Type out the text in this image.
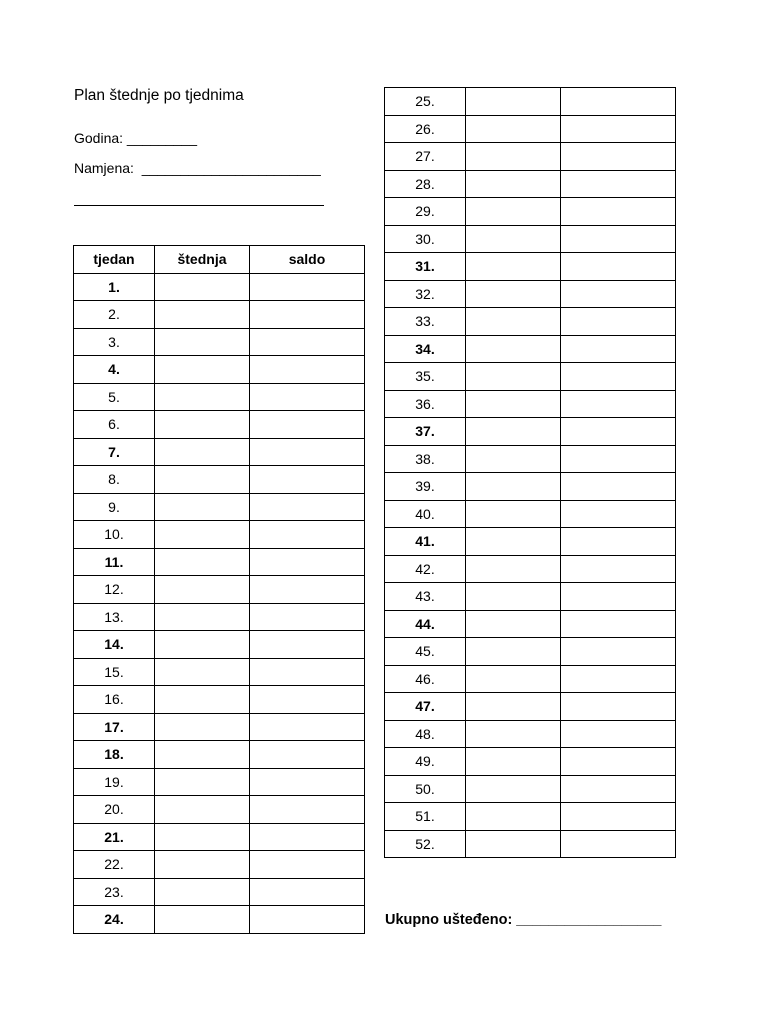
Plan štednje po tjednima
Godina: _________
Namjena:  _______________________
tjedan	štednja	saldo
1.		
2.		
3.		
4.		
5.		
6.		
7.		
8.		
9.		
10.		
11.		
12.		
13.		
14.		
15.		
16.		
17.		
18.		
19.		
20.		
21.		
22.		
23.		
24.		
25.		
26.		
27.		
28.		
29.		
30.		
31.		
32.		
33.		
34.		
35.		
36.		
37.		
38.		
39.		
40.		
41.		
42.		
43.		
44.		
45.		
46.		
47.		
48.		
49.		
50.		
51.		
52.		
Ukupno ušteđeno: __________________
